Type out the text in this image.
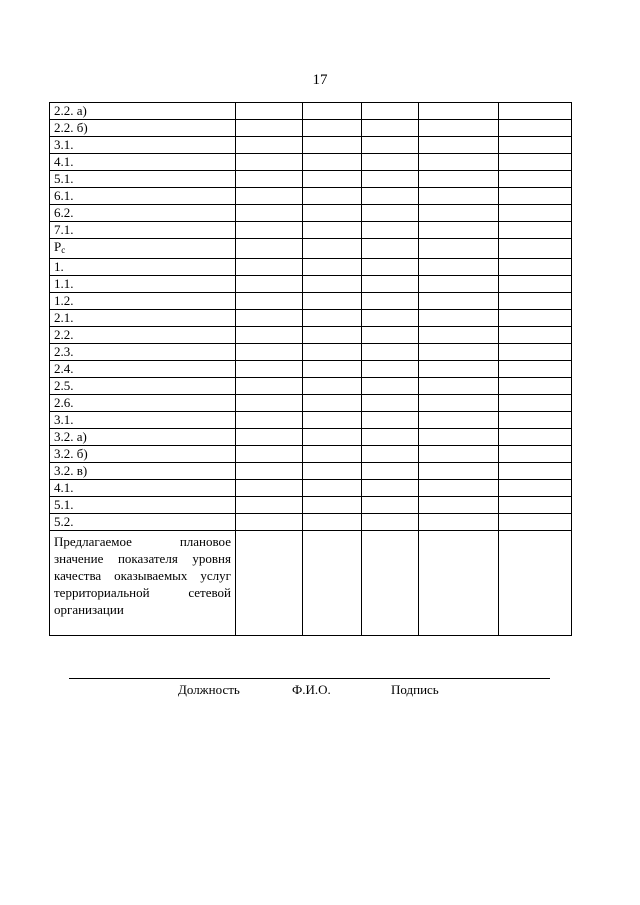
17
2.2. а)					
2.2. б)					
3.1.					
4.1.					
5.1.					
6.1.					
6.2.					
7.1.					
$P_c$					
1.					
1.1.					
1.2.					
2.1.					
2.2.					
2.3.					
2.4.					
2.5.					
2.6.					
3.1.					
3.2. а)					
3.2. б)					
3.2. в)					
4.1.					
5.1.					
5.2.					
Предлагаемое плановое значение показателя уровня качества оказываемых услуг территориальной сетевой организации					
Должность	Ф.И.О.	Подпись
